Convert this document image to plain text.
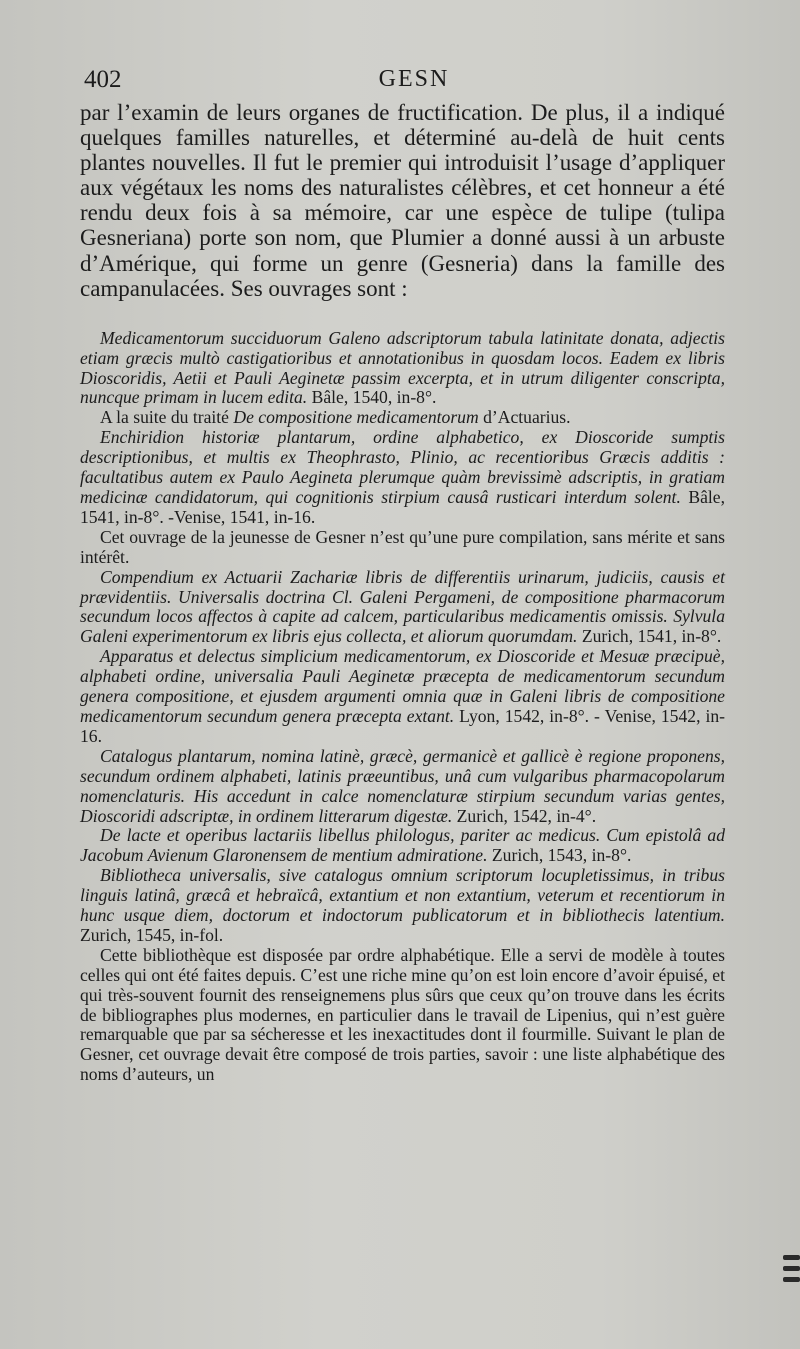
402	GESN

par l’examin de leurs organes de fructification. De plus, il a indiqué quelques familles naturelles, et déterminé au-delà de huit cents plantes nouvelles. Il fut le premier qui introduisit l’usage d’appliquer aux végétaux les noms des naturalistes célèbres, et cet honneur a été rendu deux fois à sa mémoire, car une espèce de tulipe (tulipa Gesneriana) porte son nom, que Plumier a donné aussi à un arbuste d’Amérique, qui forme un genre (Gesneria) dans la famille des campanulacées. Ses ouvrages sont :

Medicamentorum succiduorum Galeno adscriptorum tabula latinitate donata, adjectis etiam græcis multò castigatioribus et annotationibus in quosdam locos. Eadem ex libris Dioscoridis, Aetii et Pauli Aeginetæ passim excerpta, et in utrum diligenter conscripta, nuncque primam in lucem edita. Bâle, 1540, in-8°.

A la suite du traité De compositione medicamentorum d’Actuarius.

Enchiridion historiæ plantarum, ordine alphabetico, ex Dioscoride sumptis descriptionibus, et multis ex Theophrasto, Plinio, ac recentioribus Græcis additis : facultatibus autem ex Paulo Aegineta plerumque quàm brevissimè adscriptis, in gratiam medicinæ candidatorum, qui cognitionis stirpium causâ rusticari interdum solent. Bâle, 1541, in-8°. -Venise, 1541, in-16.

Cet ouvrage de la jeunesse de Gesner n’est qu’une pure compilation, sans mérite et sans intérêt.

Compendium ex Actuarii Zachariæ libris de differentiis urinarum, judiciis, causis et prævidentiis. Universalis doctrina Cl. Galeni Pergameni, de compositione pharmacorum secundum locos affectos à capite ad calcem, particularibus medicamentis omissis. Sylvula Galeni experimentorum ex libris ejus collecta, et aliorum quorumdam. Zurich, 1541, in-8°.

Apparatus et delectus simplicium medicamentorum, ex Dioscoride et Mesuæ præcipuè, alphabeti ordine, universalia Pauli Aeginetæ præcepta de medicamentorum secundum genera compositione, et ejusdem argumenti omnia quæ in Galeni libris de compositione medicamentorum secundum genera præcepta extant. Lyon, 1542, in-8°. - Venise, 1542, in-16.

Catalogus plantarum, nomina latinè, græcè, germanicè et gallicè è regione proponens, secundum ordinem alphabeti, latinis præeuntibus, unâ cum vulgaribus pharmacopolarum nomenclaturis. His accedunt in calce nomenclaturæ stirpium secundum varias gentes, Dioscoridi adscriptæ, in ordinem litterarum digestæ. Zurich, 1542, in-4°.

De lacte et operibus lactariis libellus philologus, pariter ac medicus. Cum epistolâ ad Jacobum Avienum Glaronensem de mentium admiratione. Zurich, 1543, in-8°.

Bibliotheca universalis, sive catalogus omnium scriptorum locupletissimus, in tribus linguis latinâ, græcâ et hebraïcâ, extantium et non extantium, veterum et recentiorum in hunc usque diem, doctorum et indoctorum publicatorum et in bibliothecis latentium. Zurich, 1545, in-fol.

Cette bibliothèque est disposée par ordre alphabétique. Elle a servi de modèle à toutes celles qui ont été faites depuis. C’est une riche mine qu’on est loin encore d’avoir épuisé, et qui très-souvent fournit des renseignemens plus sûrs que ceux qu’on trouve dans les écrits de bibliographes plus modernes, en particulier dans le travail de Lipenius, qui n’est guère remarquable que par sa sécheresse et les inexactitudes dont il fourmille. Suivant le plan de Gesner, cet ouvrage devait être composé de trois parties, savoir : une liste alphabétique des noms d’auteurs, un
